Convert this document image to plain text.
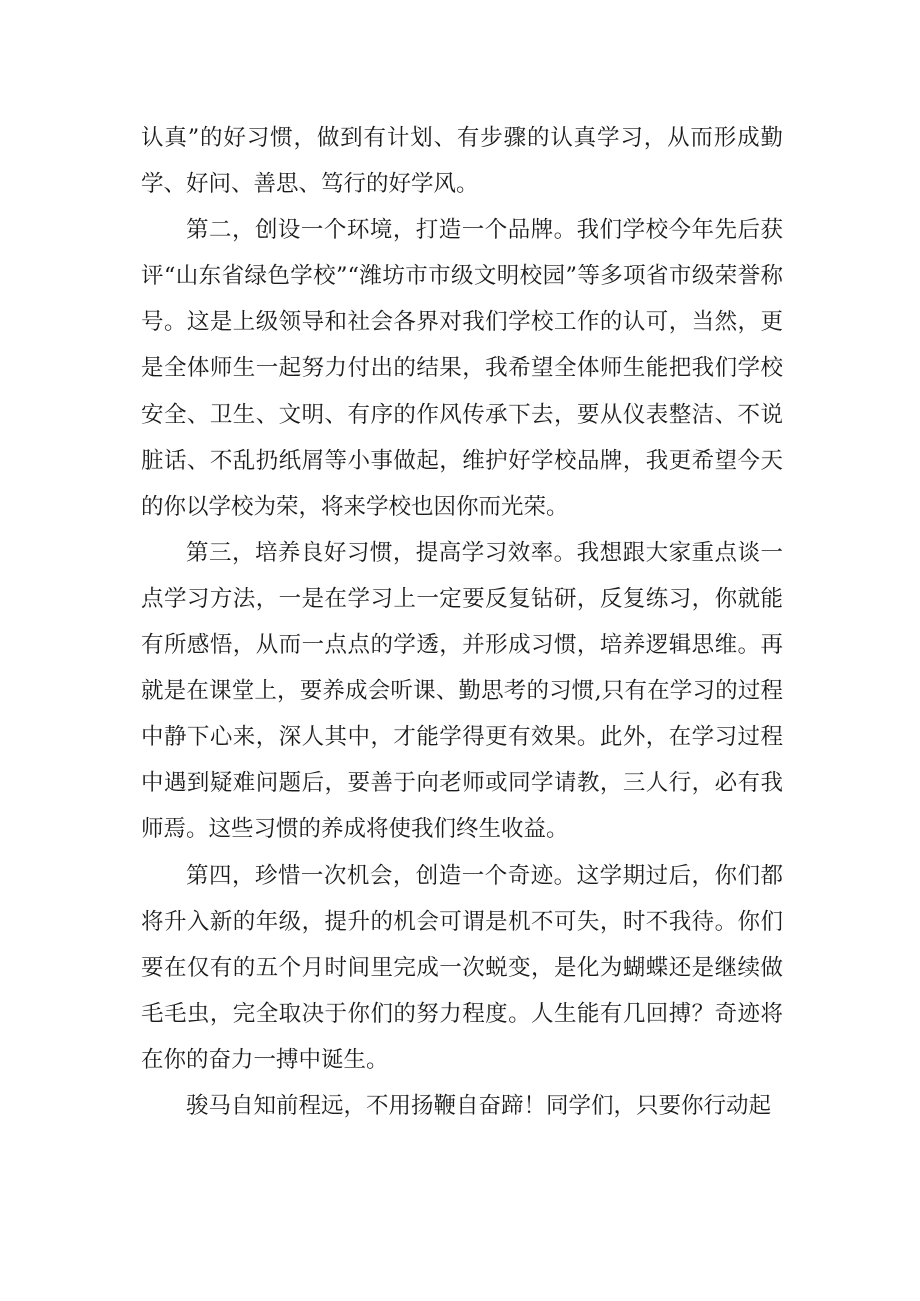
认真”的好习惯，做到有计划、有步骤的认真学习，从而形成勤学、好问、善思、笃行的好学风。

第二，创设一个环境，打造一个品牌。我们学校今年先后获评“山东省绿色学校”“潍坊市市级文明校园”等多项省市级荣誉称号。这是上级领导和社会各界对我们学校工作的认可，当然，更是全体师生一起努力付出的结果，我希望全体师生能把我们学校安全、卫生、文明、有序的作风传承下去，要从仪表整洁、不说脏话、不乱扔纸屑等小事做起，维护好学校品牌，我更希望今天的你以学校为荣，将来学校也因你而光荣。

第三，培养良好习惯，提高学习效率。我想跟大家重点谈一点学习方法，一是在学习上一定要反复钻研，反复练习，你就能有所感悟，从而一点点的学透，并形成习惯，培养逻辑思维。再就是在课堂上，要养成会听课、勤思考的习惯,只有在学习的过程中静下心来，深人其中，才能学得更有效果。此外，在学习过程中遇到疑难问题后，要善于向老师或同学请教，三人行，必有我师焉。这些习惯的养成将使我们终生收益。

第四，珍惜一次机会，创造一个奇迹。这学期过后，你们都将升入新的年级，提升的机会可谓是机不可失，时不我待。你们要在仅有的五个月时间里完成一次蜕变，是化为蝴蝶还是继续做毛毛虫，完全取决于你们的努力程度。人生能有几回搏？奇迹将在你的奋力一搏中诞生。

骏马自知前程远，不用扬鞭自奋蹄！同学们，只要你行动起
